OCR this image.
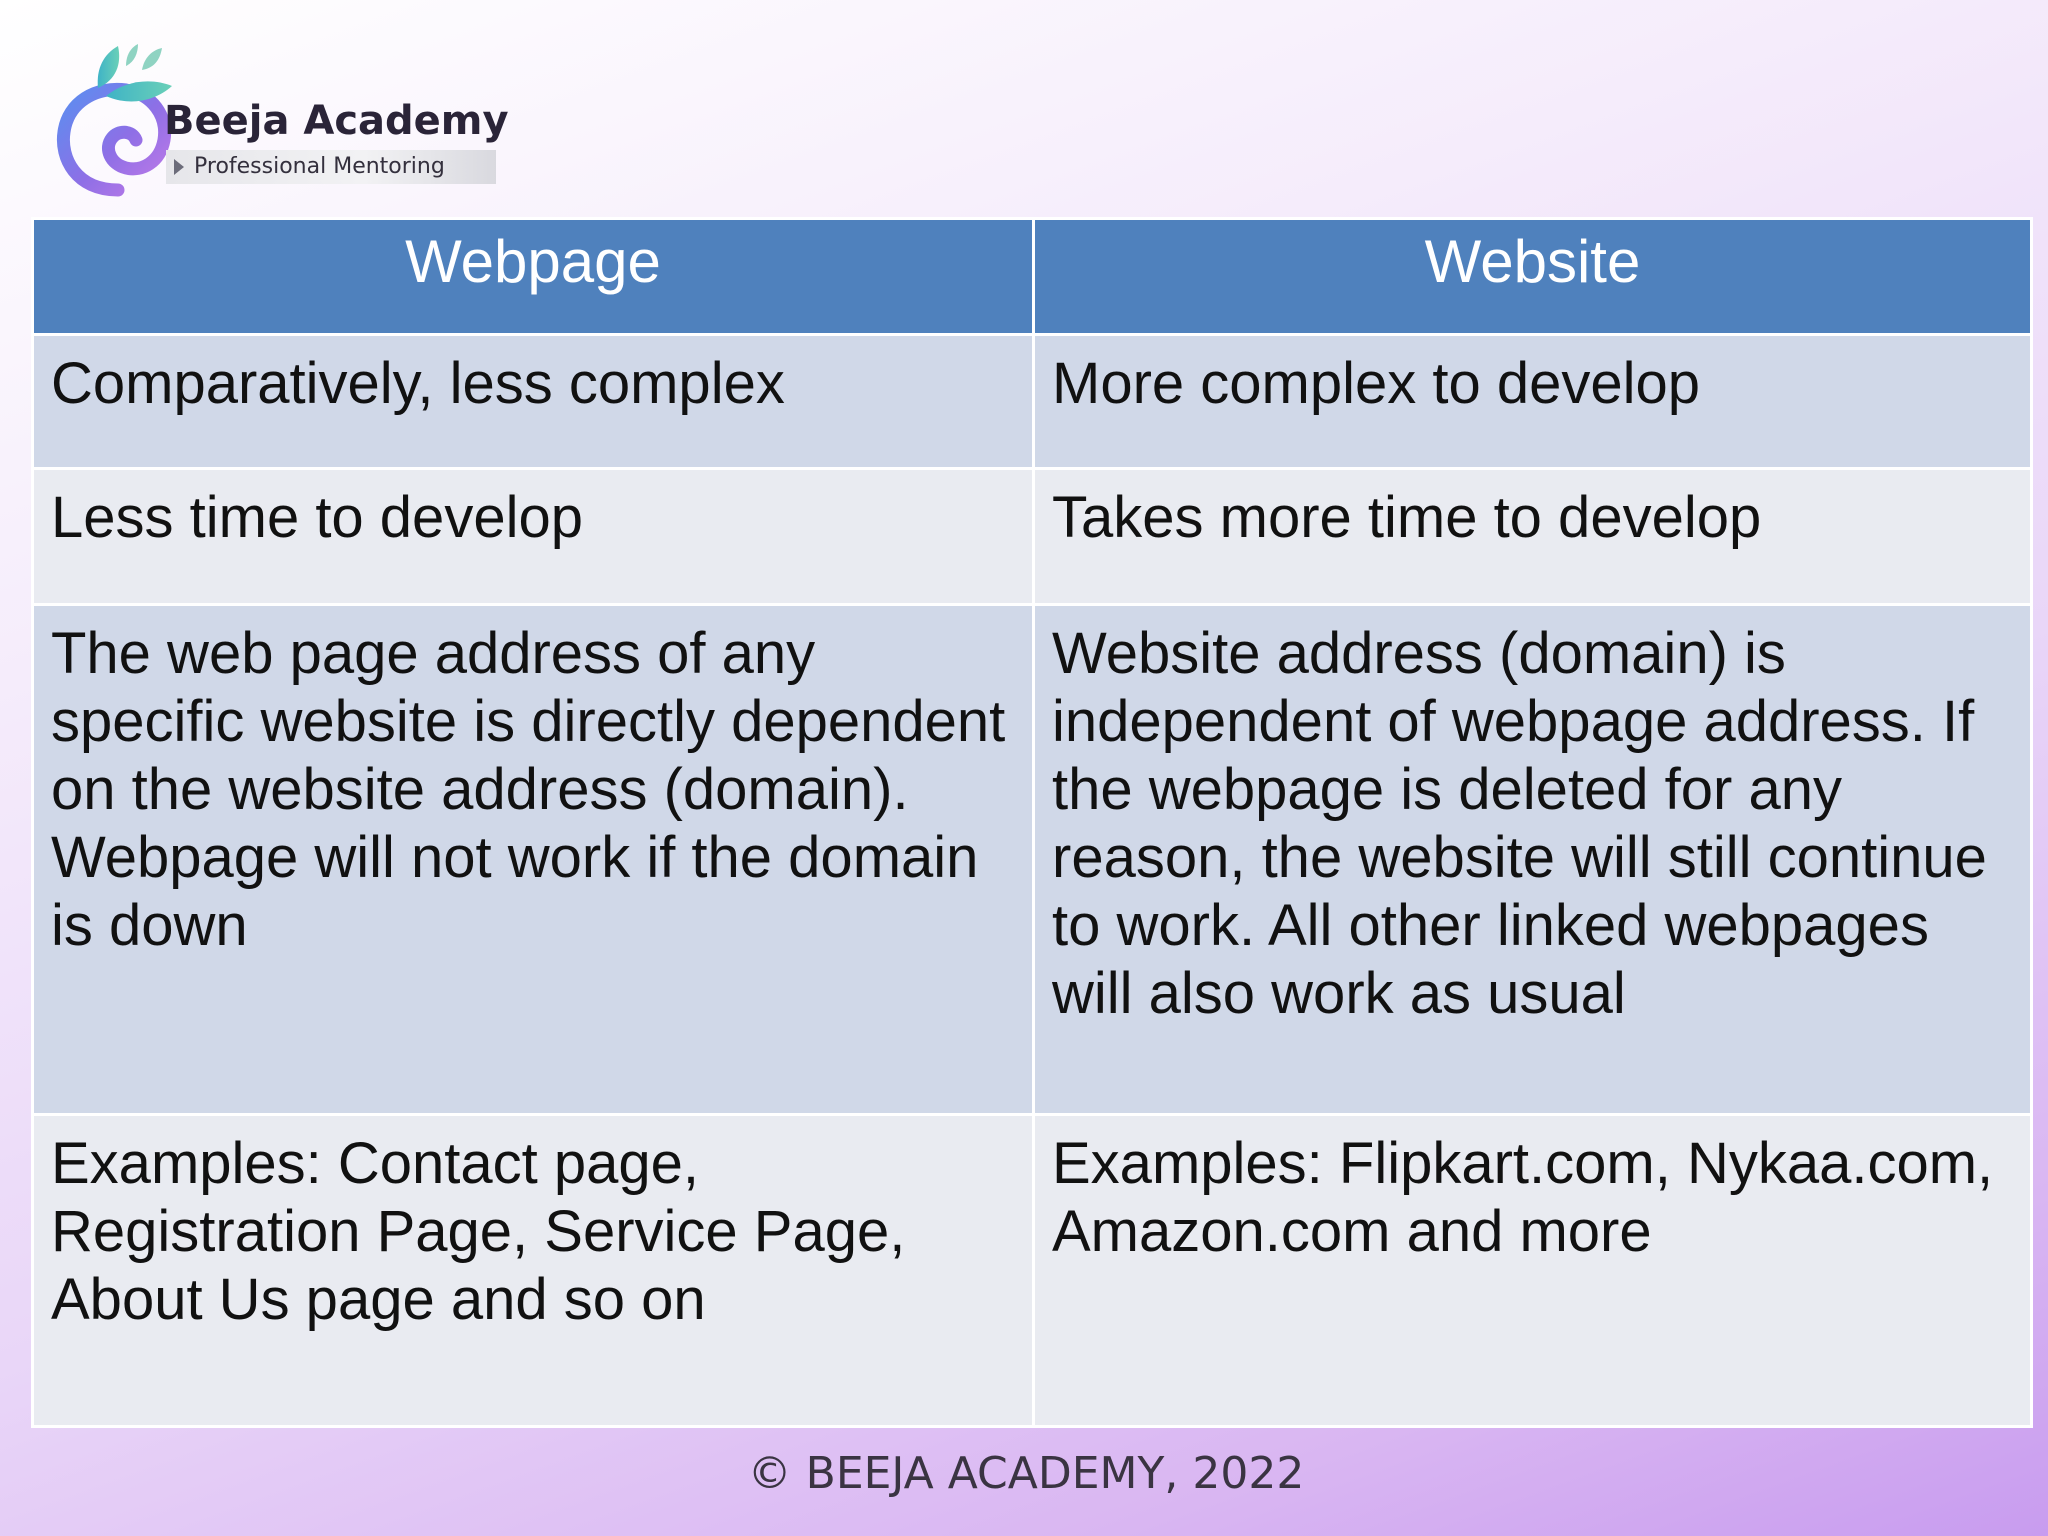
Beeja Academy
Professional Mentoring
Webpage	Website
Comparatively, less complex	More complex to develop
Less time to develop	Takes more time to develop
The web page address of any specific website is directly dependent on the website address (domain). Webpage will not work if the domain is down	Website address (domain) is independent of webpage address. If the webpage is deleted for any reason, the website will still continue to work. All other linked webpages will also work as usual
Examples: Contact page, Registration Page, Service Page, About Us page and so on	Examples: Flipkart.com, Nykaa.com, Amazon.com and more
© BEEJA ACADEMY, 2022
